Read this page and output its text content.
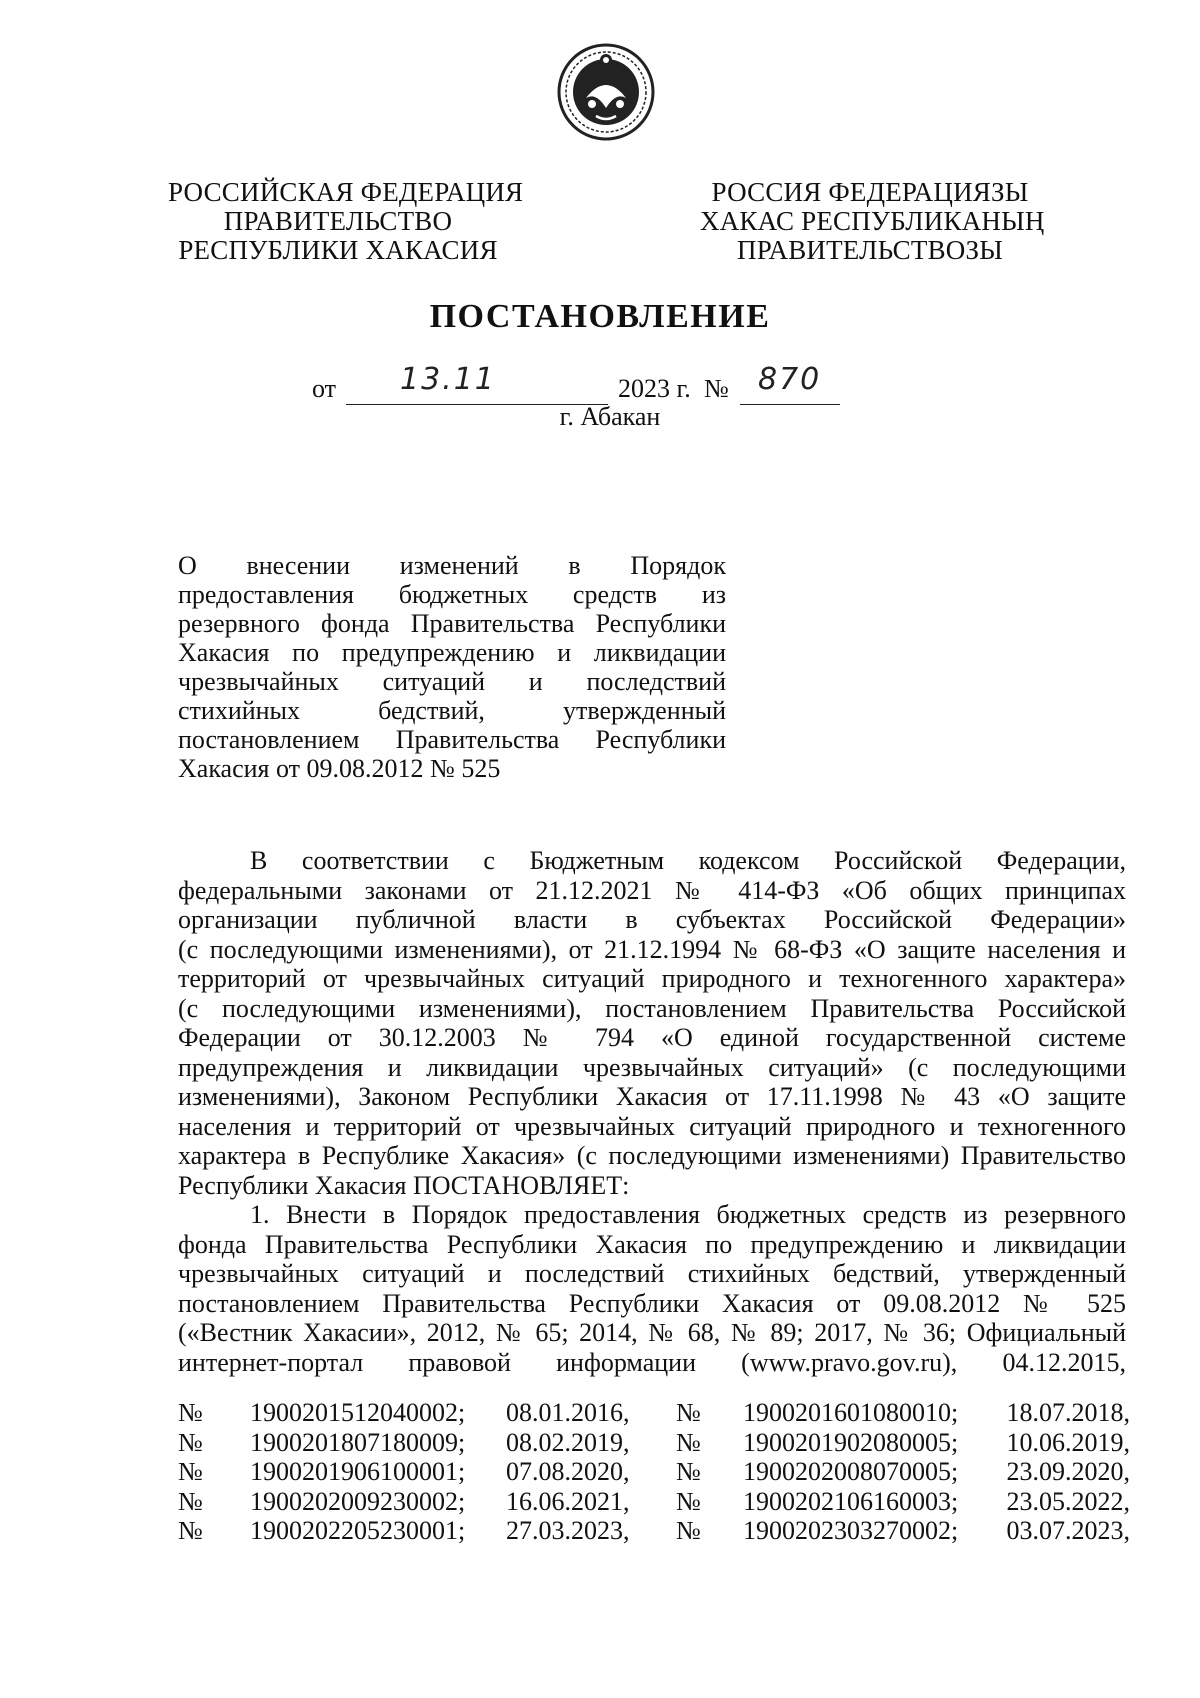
РОССИЙСКАЯ ФЕДЕРАЦИЯ
ПРАВИТЕЛЬСТВО
РЕСПУБЛИКИ ХАКАСИЯ
РОССИЯ ФЕДЕРАЦИЯЗЫ
ХАКАС РЕСПУБЛИКАНЫҢ
ПРАВИТЕЛЬСТВОЗЫ
ПОСТАНОВЛЕНИЕ
от 13.11	2023 г. № 870
г. Абакан
О внесении изменений в Порядок
предоставления бюджетных средств из
резервного фонда Правительства Республики
Хакасия по предупреждению и ликвидации
чрезвычайных ситуаций и последствий
стихийных бедствий, утвержденный
постановлением Правительства Республики
Хакасия от 09.08.2012 № 525
В соответствии с Бюджетным кодексом Российской Федерации,
федеральными законами от 21.12.2021 № 414-ФЗ «Об общих принципах
организации публичной власти в субъектах Российской Федерации»
(с последующими изменениями), от 21.12.1994 № 68-ФЗ «О защите населения и
территорий от чрезвычайных ситуаций природного и техногенного характера»
(с последующими изменениями), постановлением Правительства Российской
Федерации от 30.12.2003 № 794 «О единой государственной системе
предупреждения и ликвидации чрезвычайных ситуаций» (с последующими
изменениями), Законом Республики Хакасия от 17.11.1998 № 43 «О защите
населения и территорий от чрезвычайных ситуаций природного и техногенного
характера в Республике Хакасия» (с последующими изменениями) Правительство
Республики Хакасия ПОСТАНОВЛЯЕТ:
1. Внести в Порядок предоставления бюджетных средств из резервного
фонда Правительства Республики Хакасия по предупреждению и ликвидации
чрезвычайных ситуаций и последствий стихийных бедствий, утвержденный
постановлением Правительства Республики Хакасия от 09.08.2012 № 525
(«Вестник Хакасии», 2012, № 65; 2014, № 68, № 89; 2017, № 36; Официальный
интернет-портал правовой информации (www.pravo.gov.ru), 04.12.2015,
№ 1900201512040002; 08.01.2016, № 1900201601080010; 18.07.2018,
№ 1900201807180009; 08.02.2019, № 1900201902080005; 10.06.2019,
№ 1900201906100001; 07.08.2020, № 1900202008070005; 23.09.2020,
№ 1900202009230002; 16.06.2021, № 1900202106160003; 23.05.2022,
№ 1900202205230001; 27.03.2023, № 1900202303270002; 03.07.2023,
